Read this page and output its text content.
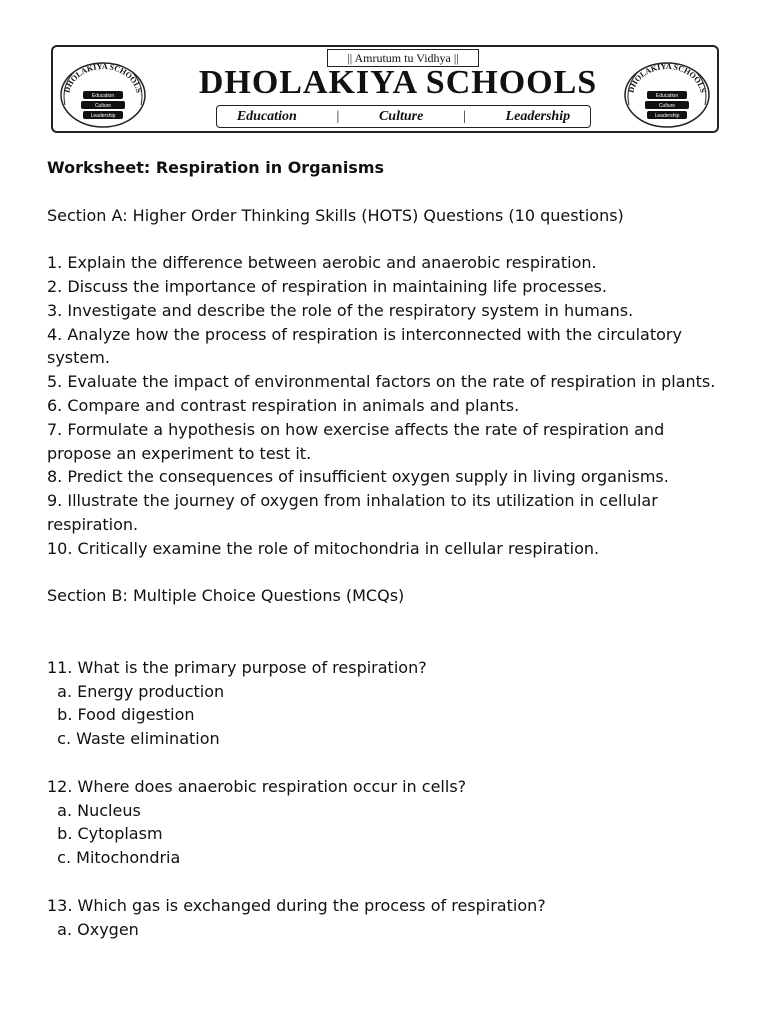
DHOLAKIYA SCHOOLS
Education
Culture
Leadership
|| Amrutum tu Vidhya ||
DHOLAKIYA SCHOOLS
Education	|	Culture	|	Leadership
DHOLAKIYA SCHOOLS
Education
Culture
Leadership
Worksheet: Respiration in Organisms
Section A: Higher Order Thinking Skills (HOTS) Questions (10 questions)
1. Explain the difference between aerobic and anaerobic respiration.
2. Discuss the importance of respiration in maintaining life processes.
3. Investigate and describe the role of the respiratory system in humans.
4. Analyze how the process of respiration is interconnected with the circulatory system.
5. Evaluate the impact of environmental factors on the rate of respiration in plants.
6. Compare and contrast respiration in animals and plants.
7. Formulate a hypothesis on how exercise affects the rate of respiration and propose an experiment to test it.
8. Predict the consequences of insufficient oxygen supply in living organisms.
9. Illustrate the journey of oxygen from inhalation to its utilization in cellular respiration.
10. Critically examine the role of mitochondria in cellular respiration.
Section B: Multiple Choice Questions (MCQs)
11. What is the primary purpose of respiration?
a. Energy production
b. Food digestion
c. Waste elimination
12. Where does anaerobic respiration occur in cells?
a. Nucleus
b. Cytoplasm
c. Mitochondria
13. Which gas is exchanged during the process of respiration?
a. Oxygen
